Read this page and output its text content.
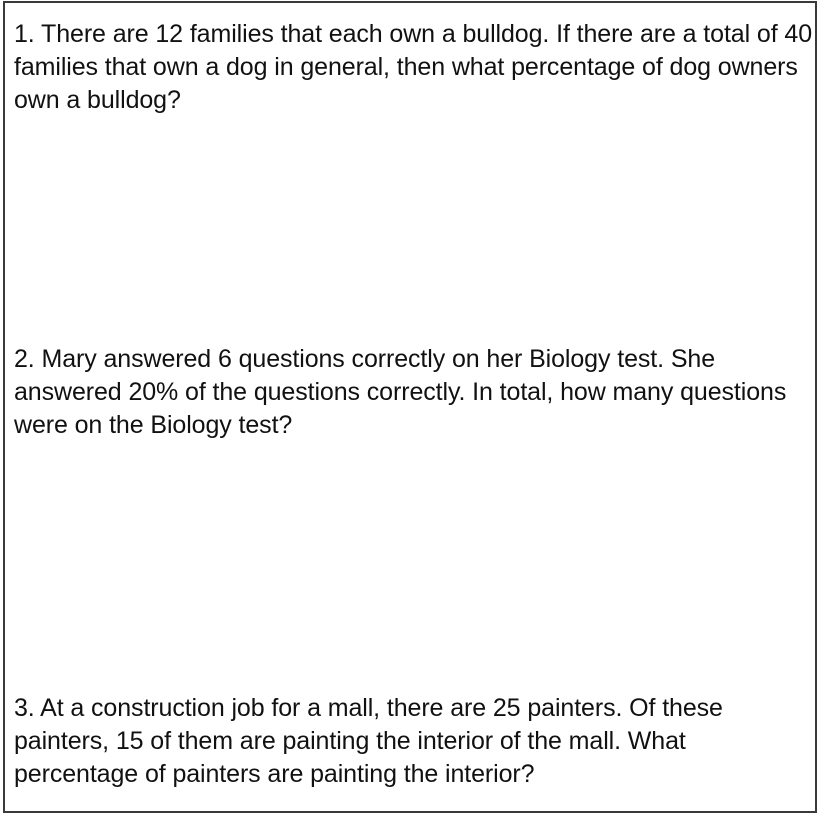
1. There are 12 families that each own a bulldog. If there are a total of 40 families that own a dog in general, then what percentage of dog owners own a bulldog?

2. Mary answered 6 questions correctly on her Biology test. She answered 20% of the questions correctly. In total, how many questions were on the Biology test?

3. At a construction job for a mall, there are 25 painters. Of these painters, 15 of them are painting the interior of the mall. What percentage of painters are painting the interior?
